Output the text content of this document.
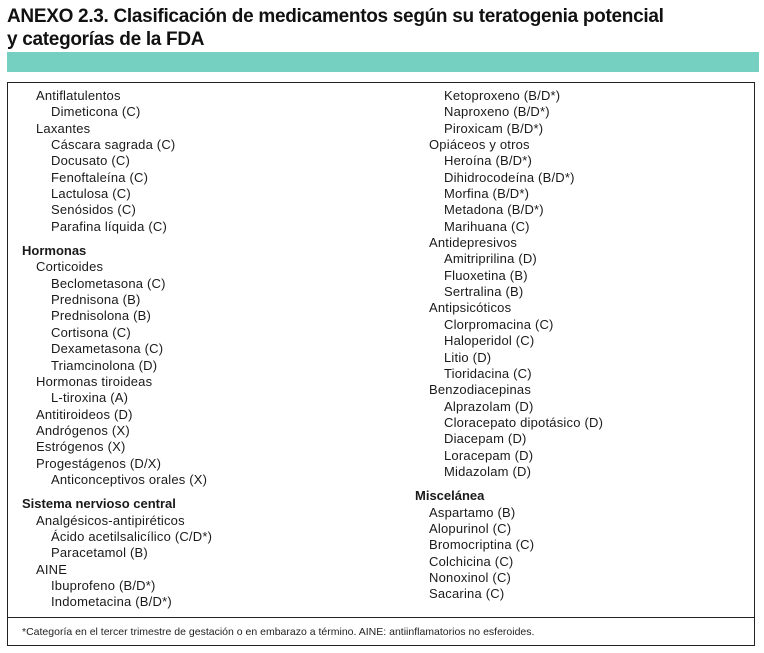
ANEXO 2.3. Clasificación de medicamentos según su teratogenia potencial
y categorías de la FDA
Antiflatulentos
Dimeticona (C)
Laxantes
Cáscara sagrada (C)
Docusato (C)
Fenoftaleína (C)
Lactulosa (C)
Senósidos (C)
Parafina líquida (C)
Hormonas
Corticoides
Beclometasona (C)
Prednisona (B)
Prednisolona (B)
Cortisona (C)
Dexametasona (C)
Triamcinolona (D)
Hormonas tiroideas
L-tiroxina (A)
Antitiroideos (D)
Andrógenos (X)
Estrógenos (X)
Progestágenos (D/X)
Anticonceptivos orales (X)
Sistema nervioso central
Analgésicos-antipiréticos
Ácido acetilsalicílico (C/D*)
Paracetamol (B)
AINE
Ibuprofeno (B/D*)
Indometacina (B/D*)
Ketoproxeno (B/D*)
Naproxeno (B/D*)
Piroxicam (B/D*)
Opiáceos y otros
Heroína (B/D*)
Dihidrocodeína (B/D*)
Morfina (B/D*)
Metadona (B/D*)
Marihuana (C)
Antidepresivos
Amitriprilina (D)
Fluoxetina (B)
Sertralina (B)
Antipsicóticos
Clorpromacina (C)
Haloperidol (C)
Litio (D)
Tioridacina (C)
Benzodiacepinas
Alprazolam (D)
Cloracepato dipotásico (D)
Diacepam (D)
Loracepam (D)
Midazolam (D)
Miscelánea
Aspartamo (B)
Alopurinol (C)
Bromocriptina (C)
Colchicina (C)
Nonoxinol (C)
Sacarina (C)
*Categoría en el tercer trimestre de gestación o en embarazo a término. AINE: antiinflamatorios no esferoides.
